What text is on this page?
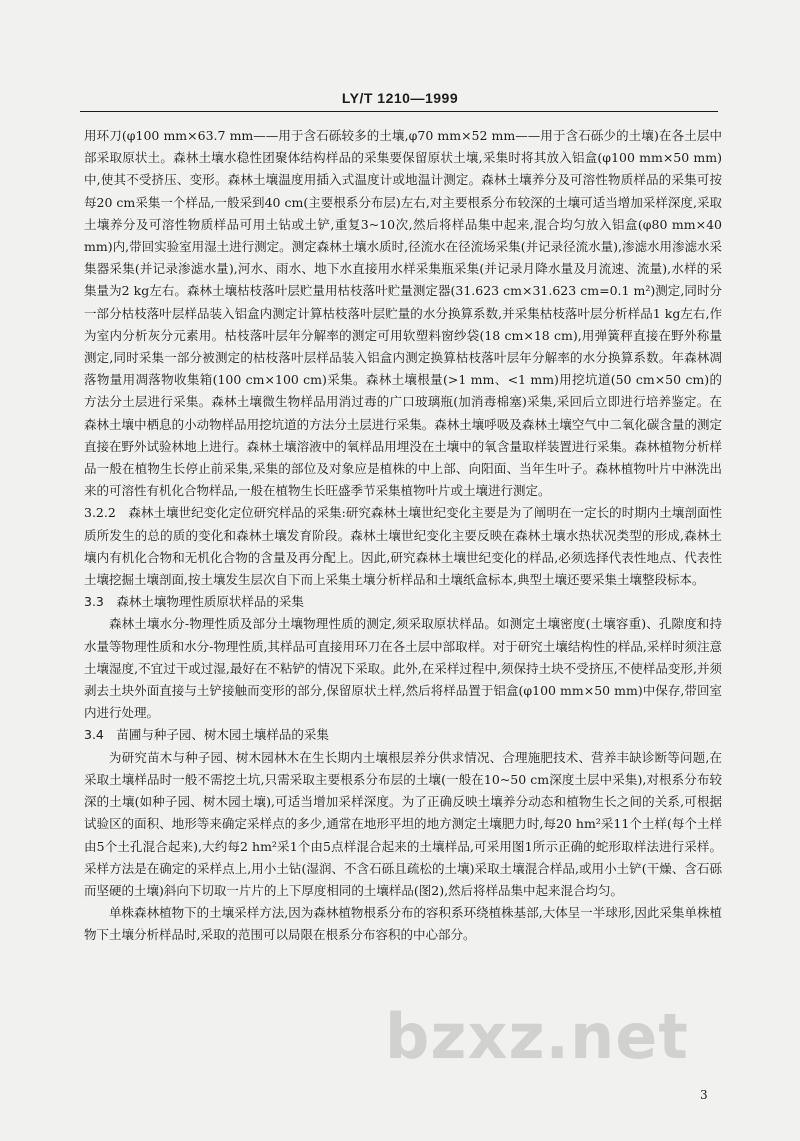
LY/T 1210—1999

用环刀(φ100 mm×63.7 mm——用于含石砾较多的土壤,φ70 mm×52 mm——用于含石砾少的土壤)在各土层中部采取原状土。森林土壤水稳性团聚体结构样品的采集要保留原状土壤,采集时将其放入铝盒(φ100 mm×50 mm)中,使其不受挤压、变形。森林土壤温度用插入式温度计或地温计测定。森林土壤养分及可溶性物质样品的采集可按每20 cm采集一个样品,一般采到40 cm(主要根系分布层)左右,对主要根系分布较深的土壤可适当增加采样深度,采取土壤养分及可溶性物质样品可用土钻或土铲,重复3~10次,然后将样品集中起来,混合均匀放入铝盒(φ80 mm×40 mm)内,带回实验室用湿土进行测定。测定森林土壤水质时,径流水在径流场采集(并记录径流水量),渗滤水用渗滤水采集器采集(并记录渗滤水量),河水、雨水、地下水直接用水样采集瓶采集(并记录月降水量及月流速、流量),水样的采集量为2 kg左右。森林土壤枯枝落叶层贮量用枯枝落叶贮量测定器(31.623 cm×31.623 cm=0.1 m²)测定,同时分一部分枯枝落叶层样品装入铝盒内测定计算枯枝落叶层贮量的水分换算系数,并采集枯枝落叶层分析样品1 kg左右,作为室内分析灰分元素用。枯枝落叶层年分解率的测定可用软塑料窗纱袋(18 cm×18 cm),用弹簧秤直接在野外称量测定,同时采集一部分被测定的枯枝落叶层样品装入铝盒内测定换算枯枝落叶层年分解率的水分换算系数。年森林凋落物量用凋落物收集箱(100 cm×100 cm)采集。森林土壤根量(>1 mm、<1 mm)用挖坑道(50 cm×50 cm)的方法分土层进行采集。森林土壤微生物样品用消过毒的广口玻璃瓶(加消毒棉塞)采集,采回后立即进行培养鉴定。在森林土壤中栖息的小动物样品用挖坑道的方法分土层进行采集。森林土壤呼吸及森林土壤空气中二氧化碳含量的测定直接在野外试验林地上进行。森林土壤溶液中的氧样品用埋没在土壤中的氧含量取样装置进行采集。森林植物分析样品一般在植物生长停止前采集,采集的部位及对象应是植株的中上部、向阳面、当年生叶子。森林植物叶片中淋洗出来的可溶性有机化合物样品,一般在植物生长旺盛季节采集植物叶片或土壤进行测定。

3.2.2　森林土壤世纪变化定位研究样品的采集:研究森林土壤世纪变化主要是为了阐明在一定长的时期内土壤剖面性质所发生的总的质的变化和森林土壤发育阶段。森林土壤世纪变化主要反映在森林土壤水热状况类型的形成,森林土壤内有机化合物和无机化合物的含量及再分配上。因此,研究森林土壤世纪变化的样品,必须选择代表性地点、代表性土壤挖掘土壤剖面,按土壤发生层次自下而上采集土壤分析样品和土壤纸盒标本,典型土壤还要采集土壤整段标本。

3.3　森林土壤物理性质原状样品的采集

森林土壤水分-物理性质及部分土壤物理性质的测定,须采取原状样品。如测定土壤密度(土壤容重)、孔隙度和持水量等物理性质和水分-物理性质,其样品可直接用环刀在各土层中部取样。对于研究土壤结构性的样品,采样时须注意土壤湿度,不宜过干或过湿,最好在不粘铲的情况下采取。此外,在采样过程中,须保持土块不受挤压,不使样品变形,并须剥去土块外面直接与土铲接触而变形的部分,保留原状土样,然后将样品置于铝盒(φ100 mm×50 mm)中保存,带回室内进行处理。

3.4　苗圃与种子园、树木园土壤样品的采集

为研究苗木与种子园、树木园林木在生长期内土壤根层养分供求情况、合理施肥技术、营养丰缺诊断等问题,在采取土壤样品时一般不需挖土坑,只需采取主要根系分布层的土壤(一般在10~50 cm深度土层中采集),对根系分布较深的土壤(如种子园、树木园土壤),可适当增加采样深度。为了正确反映土壤养分动态和植物生长之间的关系,可根据试验区的面积、地形等来确定采样点的多少,通常在地形平坦的地方测定土壤肥力时,每20 hm²采11个土样(每个土样由5个土孔混合起来),大约每2 hm²采1个由5点样混合起来的土壤样品,可采用图1所示正确的蛇形取样法进行采样。采样方法是在确定的采样点上,用小土钻(湿润、不含石砾且疏松的土壤)采取土壤混合样品,或用小土铲(干燥、含石砾而坚硬的土壤)斜向下切取一片片的上下厚度相同的土壤样品(图2),然后将样品集中起来混合均匀。

单株森林植物下的土壤采样方法,因为森林植物根系分布的容积系环绕植株基部,大体呈一半球形,因此采集单株植物下土壤分析样品时,采取的范围可以局限在根系分布容积的中心部分。

bzxz.net
3
